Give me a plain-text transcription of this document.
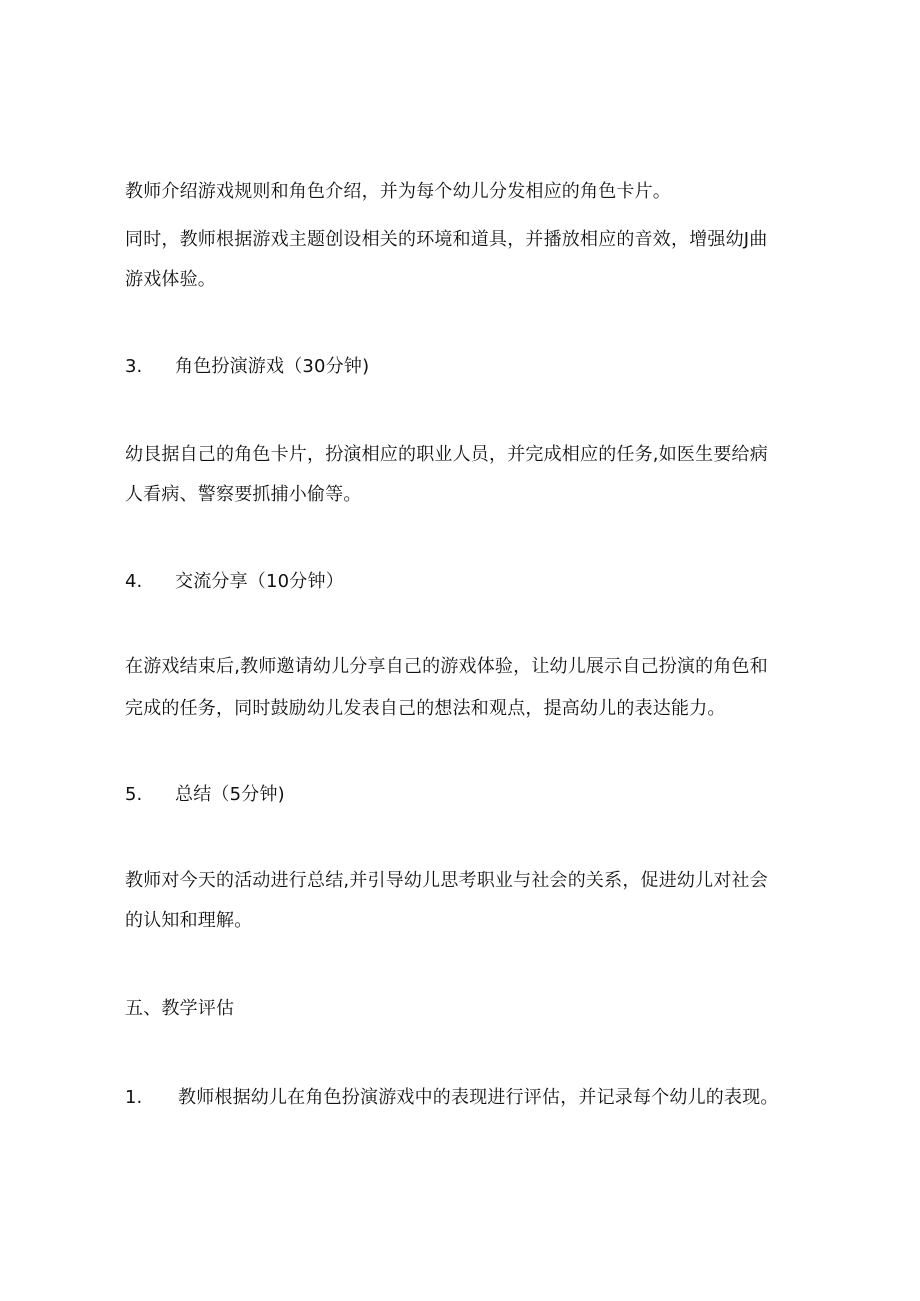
教师介绍游戏规则和角色介绍，并为每个幼儿分发相应的角色卡片。
同时，教师根据游戏主题创设相关的环境和道具，并播放相应的音效，增强幼J曲
游戏体验。
3. 角色扮演游戏（30分钟)
幼艮据自己的角色卡片，扮演相应的职业人员，并完成相应的任务,如医生要给病
人看病、警察要抓捕小偷等。
4. 交流分享（10分钟）
在游戏结束后,教师邀请幼儿分享自己的游戏体验，让幼儿展示自己扮演的角色和
完成的任务，同时鼓励幼儿发表自己的想法和观点，提高幼儿的表达能力。
5. 总结（5分钟)
教师对今天的活动进行总结,并引导幼儿思考职业与社会的关系，促进幼儿对社会
的认知和理解。
五、教学评估
1. 教师根据幼儿在角色扮演游戏中的表现进行评估，并记录每个幼儿的表现。
